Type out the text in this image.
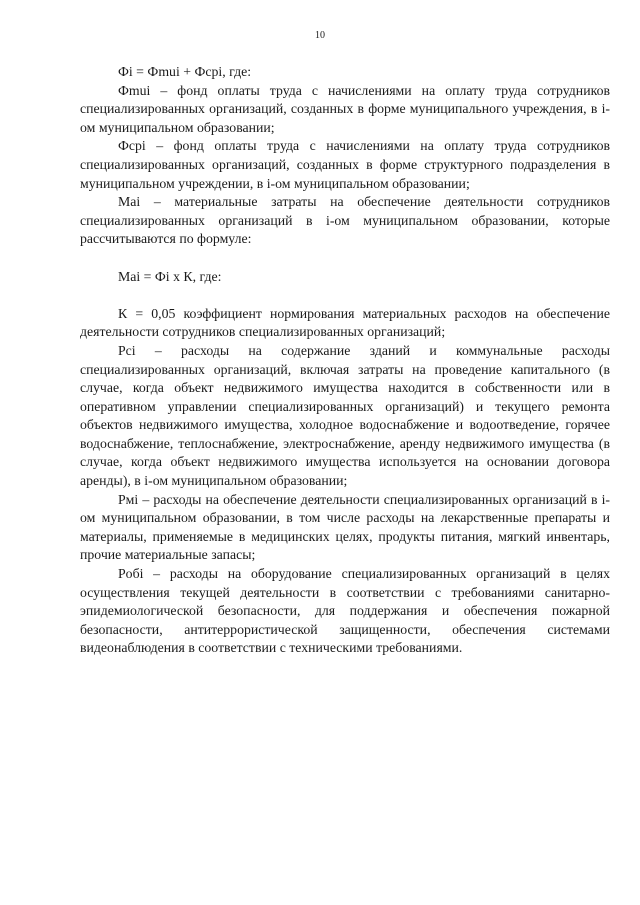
10

Фi = Фmui + Фcpi, где:

Фmui – фонд оплаты труда с начислениями на оплату труда сотрудников специализированных организаций, созданных в форме муниципального учреждения, в i-ом муниципальном образовании;

Фcpi – фонд оплаты труда с начислениями на оплату труда сотрудников специализированных организаций, созданных в форме структурного подразделения в муниципальном учреждении, в i-ом муниципальном образовании;

Mai – материальные затраты на обеспечение деятельности сотрудников специализированных организаций в i-ом муниципальном образовании, которые рассчитываются по формуле:

Mai = Фi x К, где:

К = 0,05 коэффициент нормирования материальных расходов на обеспечение деятельности сотрудников специализированных организаций;

Pci – расходы на содержание зданий и коммунальные расходы специализированных организаций, включая затраты на проведение капитального (в случае, когда объект недвижимого имущества находится в собственности или в оперативном управлении специализированных организаций) и текущего ремонта объектов недвижимого имущества, холодное водоснабжение и водоотведение, горячее водоснабжение, теплоснабжение, электроснабжение, аренду недвижимого имущества (в случае, когда объект недвижимого имущества используется на основании договора аренды), в i-ом муниципальном образовании;

Pмi – расходы на обеспечение деятельности специализированных организаций в i-ом муниципальном образовании, в том числе расходы на лекарственные препараты и материалы, применяемые в медицинских целях, продукты питания, мягкий инвентарь, прочие материальные запасы;

Poбi – расходы на оборудование специализированных организаций в целях осуществления текущей деятельности в соответствии с требованиями санитарно-эпидемиологической безопасности, для поддержания и обеспечения пожарной безопасности, антитеррористической защищенности, обеспечения системами видеонаблюдения в соответствии с техническими требованиями.
